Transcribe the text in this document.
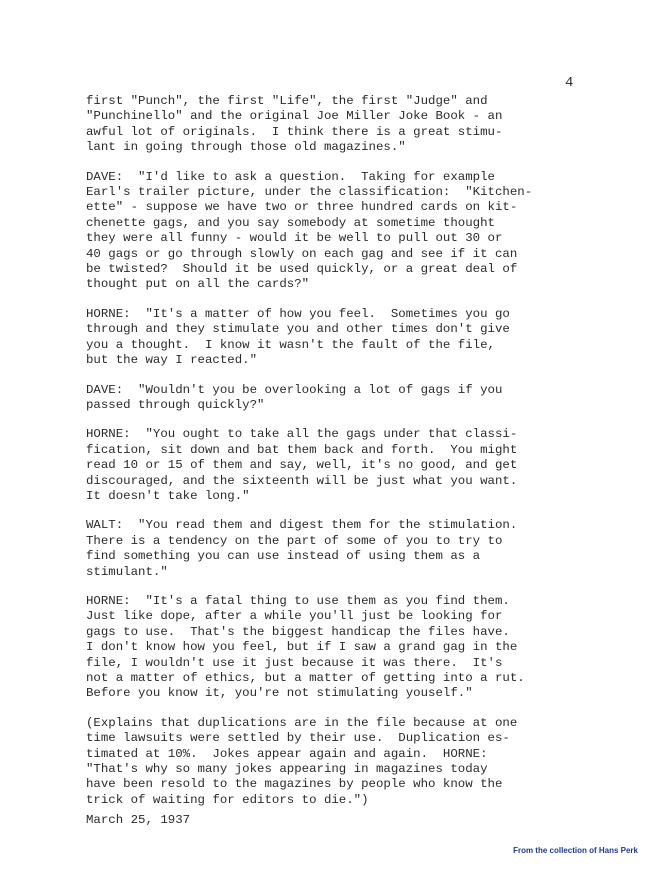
4

first "Punch", the first "Life", the first "Judge" and
"Punchinello" and the original Joe Miller Joke Book - an
awful lot of originals.  I think there is a great stimu-
lant in going through those old magazines."

DAVE:  "I'd like to ask a question.  Taking for example
Earl's trailer picture, under the classification:  "Kitchen-
ette" - suppose we have two or three hundred cards on kit-
chenette gags, and you say somebody at sometime thought
they were all funny - would it be well to pull out 30 or
40 gags or go through slowly on each gag and see if it can
be twisted?  Should it be used quickly, or a great deal of
thought put on all the cards?"

HORNE:  "It's a matter of how you feel.  Sometimes you go
through and they stimulate you and other times don't give
you a thought.  I know it wasn't the fault of the file,
but the way I reacted."

DAVE:  "Wouldn't you be overlooking a lot of gags if you
passed through quickly?"

HORNE:  "You ought to take all the gags under that classi-
fication, sit down and bat them back and forth.  You might
read 10 or 15 of them and say, well, it's no good, and get
discouraged, and the sixteenth will be just what you want.
It doesn't take long."

WALT:  "You read them and digest them for the stimulation.
There is a tendency on the part of some of you to try to
find something you can use instead of using them as a
stimulant."

HORNE:  "It's a fatal thing to use them as you find them.
Just like dope, after a while you'll just be looking for
gags to use.  That's the biggest handicap the files have.
I don't know how you feel, but if I saw a grand gag in the
file, I wouldn't use it just because it was there.  It's
not a matter of ethics, but a matter of getting into a rut.
Before you know it, you're not stimulating youself."

(Explains that duplications are in the file because at one
time lawsuits were settled by their use.  Duplication es-
timated at 10%.  Jokes appear again and again.  HORNE:
"That's why so many jokes appearing in magazines today
have been resold to the magazines by people who know the
trick of waiting for editors to die.")

March 25, 1937
From the collection of Hans Perk
